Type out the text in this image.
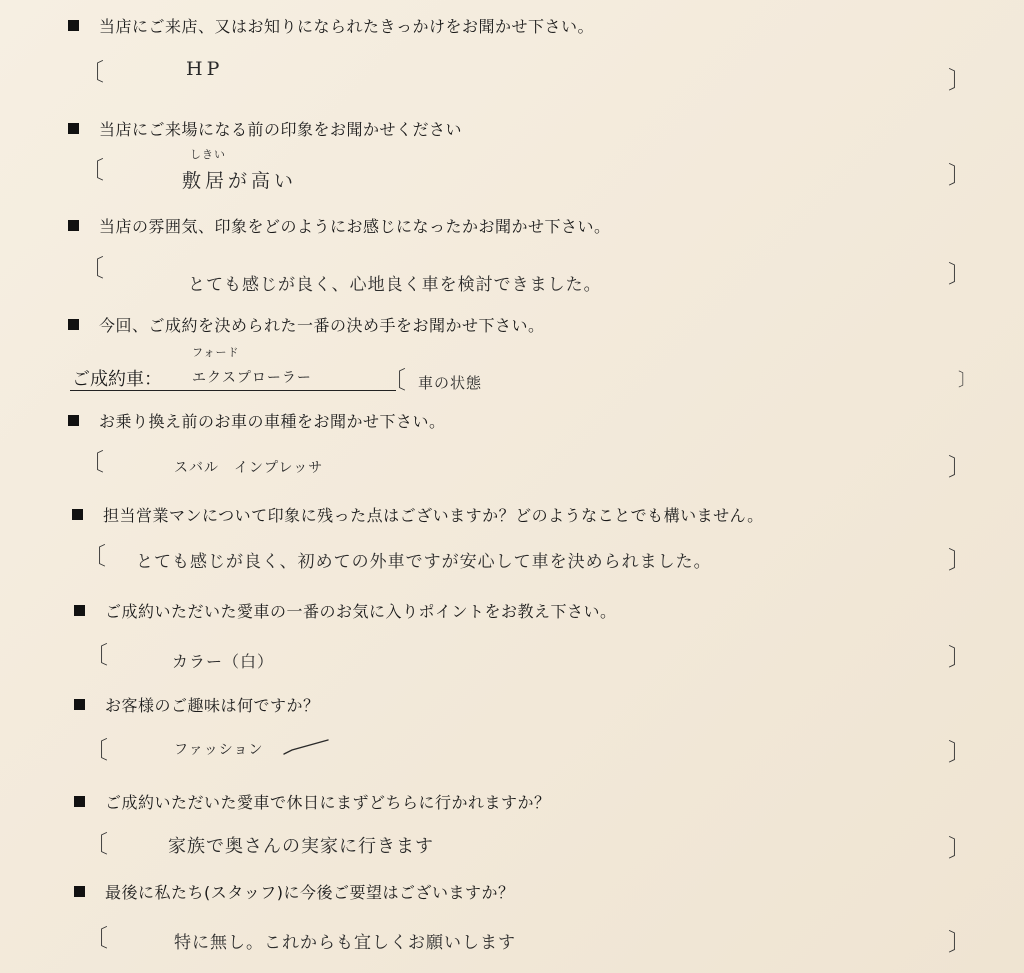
当店にご来店、又はお知りになられたきっかけをお聞かせ下さい。
〔	HP	〕
当店にご来場になる前の印象をお聞かせください
しきい
〔	敷居が高い	〕
当店の雰囲気、印象をどのようにお感じになったかお聞かせ下さい。
〔
とても感じが良く、心地良く車を検討できました。	〕
今回、ご成約を決められた一番の決め手をお聞かせ下さい。
フォード
ご成約車： エクスプローラー	〔 車の状態	〕
お乗り換え前のお車の車種をお聞かせ下さい。
〔	スバル　インプレッサ	〕
担当営業マンについて印象に残った点はございますか？どのようなことでも構いません。
〔 とても感じが良く、初めての外車ですが安心して車を決められました。	〕
ご成約いただいた愛車の一番のお気に入りポイントをお教え下さい。
〔	カラー（白）	〕
お客様のご趣味は何ですか？
〔	ファッション	〕
ご成約いただいた愛車で休日にまずどちらに行かれますか？
〔	家族で奥さんの実家に行きます	〕
最後に私たち(スタッフ)に今後ご要望はございますか？
〔	特に無し。これからも宜しくお願いします	〕
